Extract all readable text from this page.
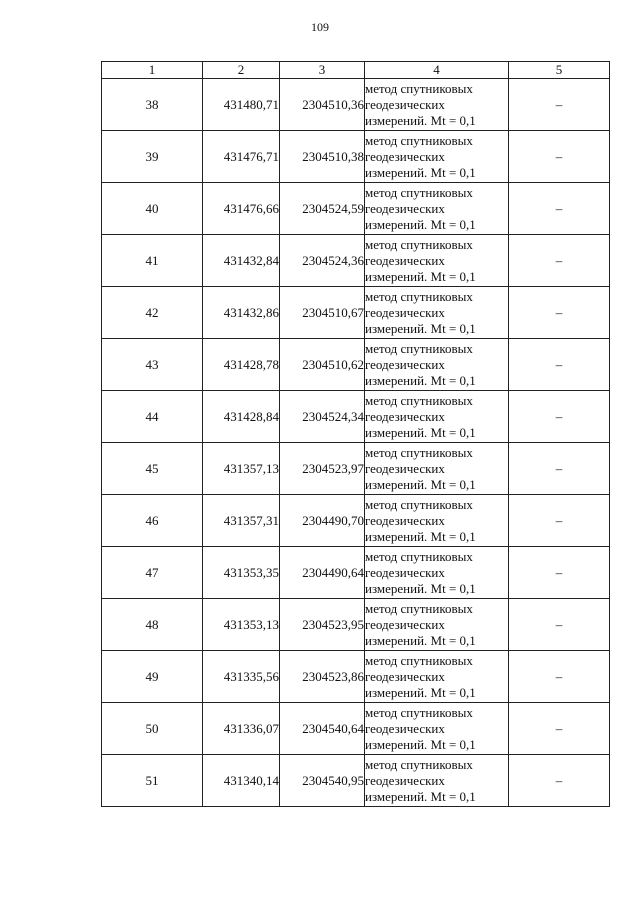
109
1	2	3	4	5
38	431480,71	2304510,36	метод спутниковых
геодезических
измерений. Mt = 0,1	–
39	431476,71	2304510,38	метод спутниковых
геодезических
измерений. Mt = 0,1	–
40	431476,66	2304524,59	метод спутниковых
геодезических
измерений. Mt = 0,1	–
41	431432,84	2304524,36	метод спутниковых
геодезических
измерений. Mt = 0,1	–
42	431432,86	2304510,67	метод спутниковых
геодезических
измерений. Mt = 0,1	–
43	431428,78	2304510,62	метод спутниковых
геодезических
измерений. Mt = 0,1	–
44	431428,84	2304524,34	метод спутниковых
геодезических
измерений. Mt = 0,1	–
45	431357,13	2304523,97	метод спутниковых
геодезических
измерений. Mt = 0,1	–
46	431357,31	2304490,70	метод спутниковых
геодезических
измерений. Mt = 0,1	–
47	431353,35	2304490,64	метод спутниковых
геодезических
измерений. Mt = 0,1	–
48	431353,13	2304523,95	метод спутниковых
геодезических
измерений. Mt = 0,1	–
49	431335,56	2304523,86	метод спутниковых
геодезических
измерений. Mt = 0,1	–
50	431336,07	2304540,64	метод спутниковых
геодезических
измерений. Mt = 0,1	–
51	431340,14	2304540,95	метод спутниковых
геодезических
измерений. Mt = 0,1	–
